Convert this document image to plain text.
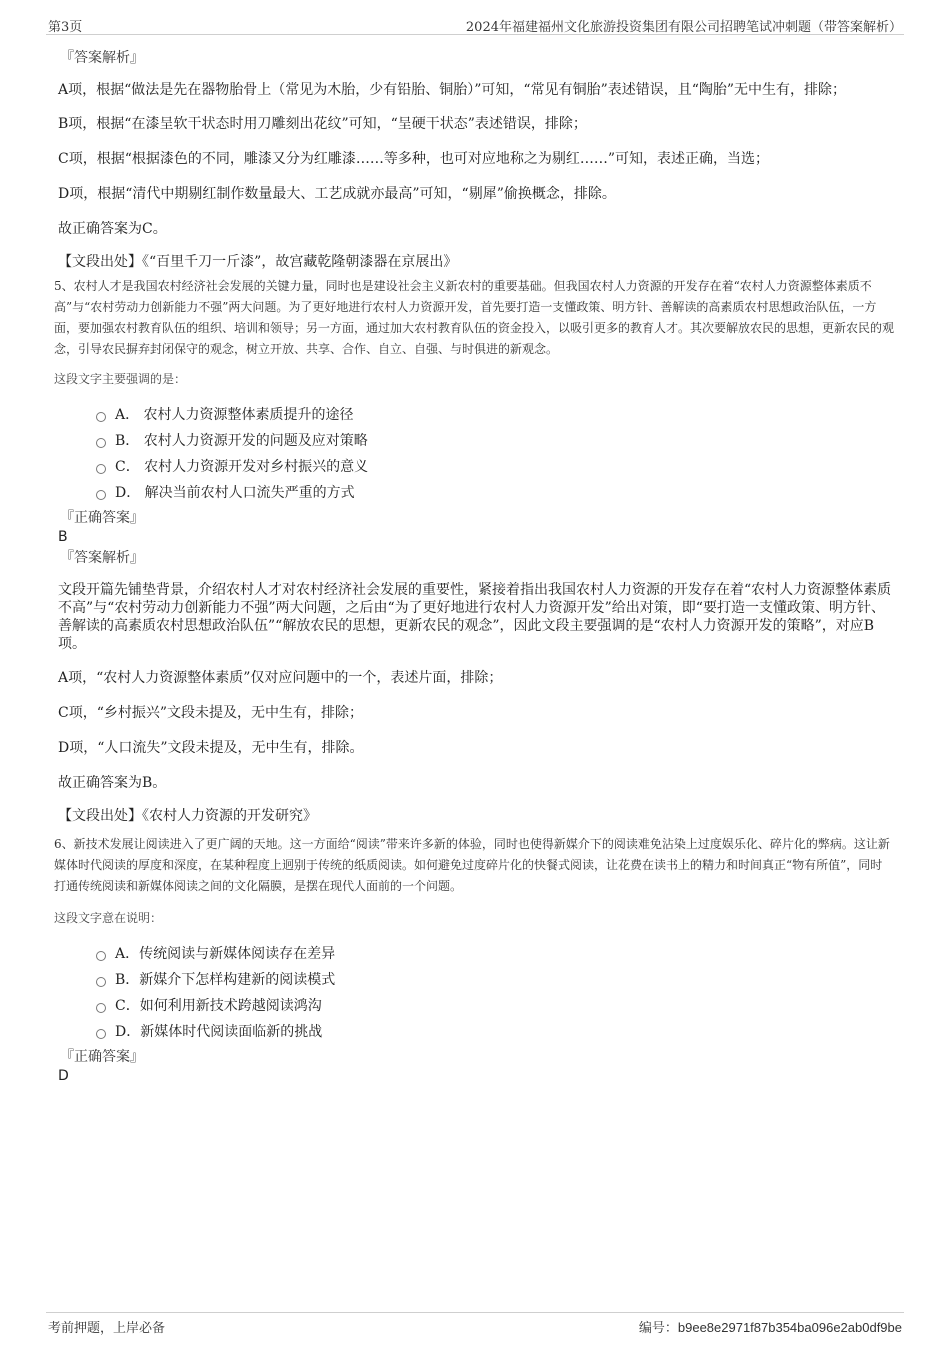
第3页	2024年福建福州文化旅游投资集团有限公司招聘笔试冲刺题（带答案解析）
『答案解析』
A项，根据“做法是先在器物胎骨上（常见为木胎，少有铅胎、铜胎）”可知，“常见有铜胎”表述错误，且“陶胎”无中生有，排除；
B项，根据“在漆呈软干状态时用刀雕刻出花纹”可知，“呈硬干状态”表述错误，排除；
C项，根据“根据漆色的不同，雕漆又分为红雕漆……等多种，也可对应地称之为剔红……”可知，表述正确，当选；
D项，根据“清代中期剔红制作数量最大、工艺成就亦最高”可知，“剔犀”偷换概念，排除。
故正确答案为C。
【文段出处】《“百里千刀一斤漆”，故宫藏乾隆朝漆器在京展出》
5、农村人才是我国农村经济社会发展的关键力量，同时也是建设社会主义新农村的重要基础。但我国农村人力资源的开发存在着“农村人力资源整体素质不高”与“农村劳动力创新能力不强”两大问题。为了更好地进行农村人力资源开发，首先要打造一支懂政策、明方针、善解读的高素质农村思想政治队伍，一方面，要加强农村教育队伍的组织、培训和领导；另一方面，通过加大农村教育队伍的资金投入，以吸引更多的教育人才。其次要解放农民的思想，更新农民的观念，引导农民摒弃封闭保守的观念，树立开放、共享、合作、自立、自强、与时俱进的新观念。
这段文字主要强调的是：
A． 农村人力资源整体素质提升的途径
B． 农村人力资源开发的问题及应对策略
C． 农村人力资源开发对乡村振兴的意义
D． 解决当前农村人口流失严重的方式
『正确答案』
B
『答案解析』
文段开篇先铺垫背景，介绍农村人才对农村经济社会发展的重要性，紧接着指出我国农村人力资源的开发存在着“农村人力资源整体素质不高”与“农村劳动力创新能力不强”两大问题，之后由“为了更好地进行农村人力资源开发”给出对策，即“要打造一支懂政策、明方针、善解读的高素质农村思想政治队伍”“解放农民的思想，更新农民的观念”，因此文段主要强调的是“农村人力资源开发的策略”，对应B项。
A项，“农村人力资源整体素质”仅对应问题中的一个，表述片面，排除；
C项，“乡村振兴”文段未提及，无中生有，排除；
D项，“人口流失”文段未提及，无中生有，排除。
故正确答案为B。
【文段出处】《农村人力资源的开发研究》
6、新技术发展让阅读进入了更广阔的天地。这一方面给“阅读”带来许多新的体验，同时也使得新媒介下的阅读难免沾染上过度娱乐化、碎片化的弊病。这让新媒体时代阅读的厚度和深度，在某种程度上迥别于传统的纸质阅读。如何避免过度碎片化的快餐式阅读，让花费在读书上的精力和时间真正“物有所值”，同时打通传统阅读和新媒体阅读之间的文化隔膜，是摆在现代人面前的一个问题。
这段文字意在说明：
A．传统阅读与新媒体阅读存在差异
B．新媒介下怎样构建新的阅读模式
C．如何利用新技术跨越阅读鸿沟
D．新媒体时代阅读面临新的挑战
『正确答案』
D
考前押题，上岸必备	编号：b9ee8e2971f87b354ba096e2ab0df9be
